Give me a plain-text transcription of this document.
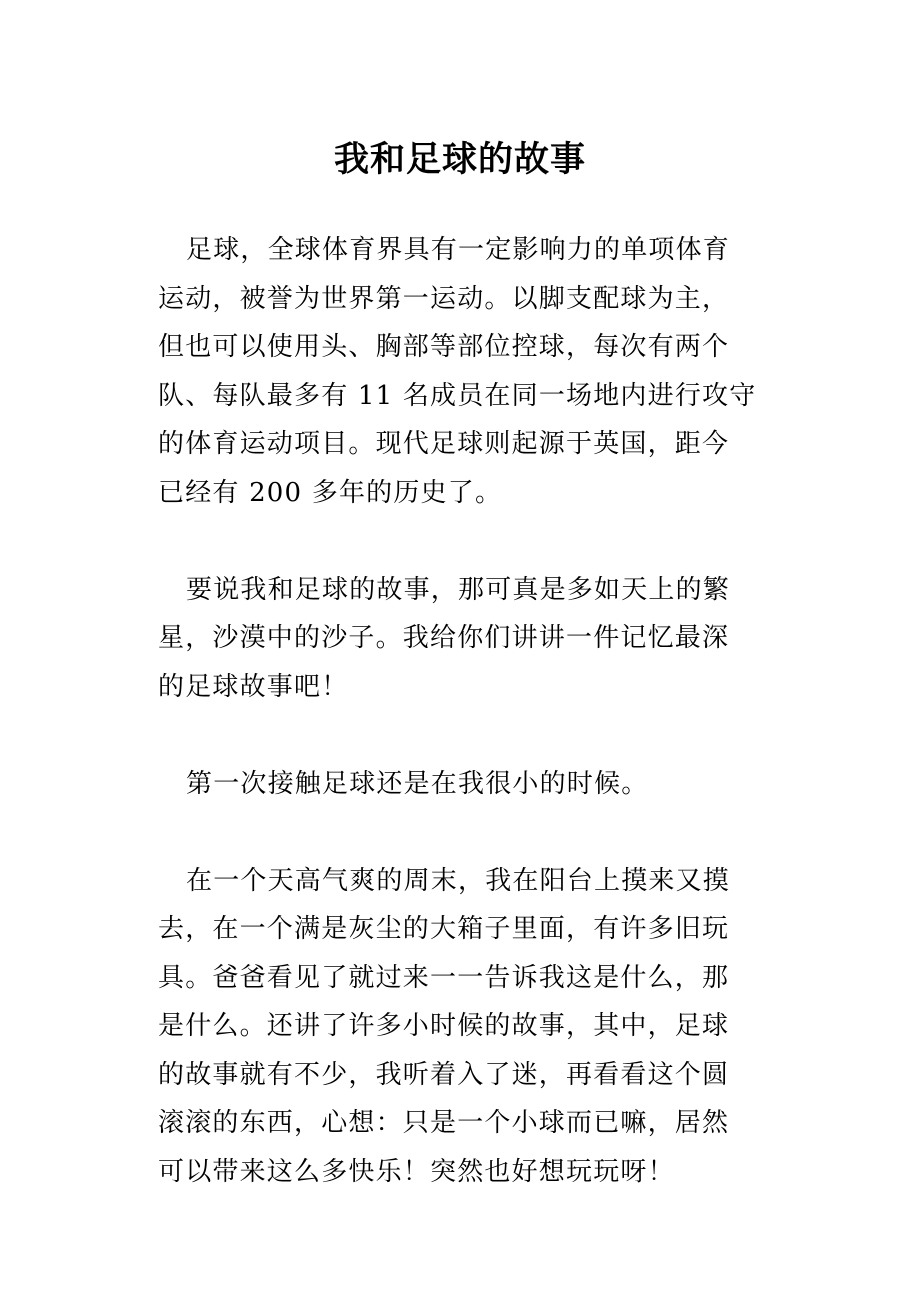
我和足球的故事

足球，全球体育界具有一定影响力的单项体育
运动，被誉为世界第一运动。以脚支配球为主，
但也可以使用头、胸部等部位控球，每次有两个
队、每队最多有 11 名成员在同一场地内进行攻守
的体育运动项目。现代足球则起源于英国，距今
已经有 200 多年的历史了。

要说我和足球的故事，那可真是多如天上的繁
星，沙漠中的沙子。我给你们讲讲一件记忆最深
的足球故事吧！

第一次接触足球还是在我很小的时候。

在一个天高气爽的周末，我在阳台上摸来又摸
去，在一个满是灰尘的大箱子里面，有许多旧玩
具。爸爸看见了就过来一一告诉我这是什么，那
是什么。还讲了许多小时候的故事，其中，足球
的故事就有不少，我听着入了迷，再看看这个圆
滚滚的东西，心想：只是一个小球而已嘛，居然
可以带来这么多快乐！突然也好想玩玩呀！
